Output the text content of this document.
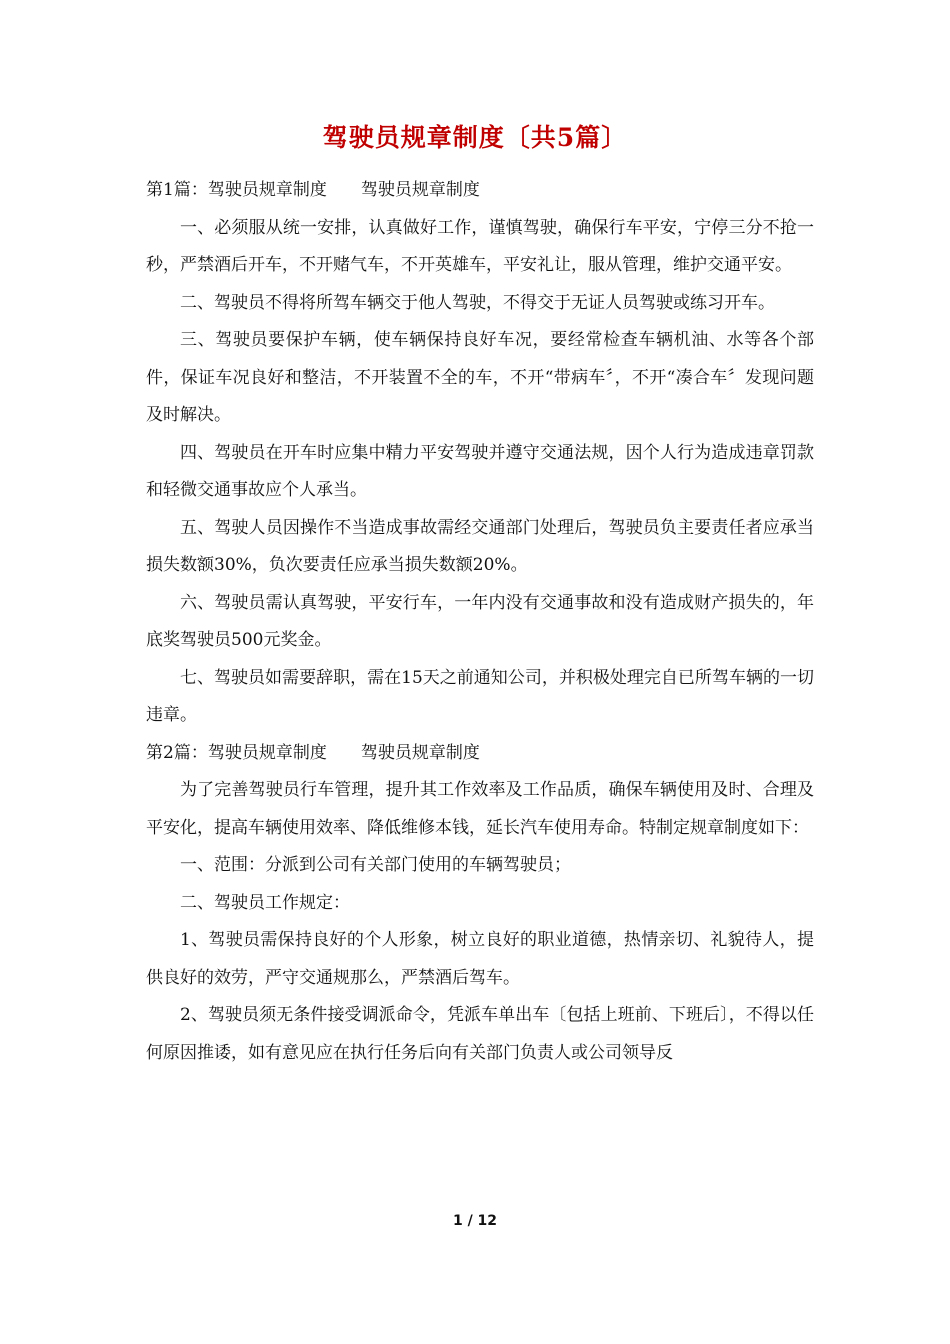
驾驶员规章制度〔共5篇〕

第1篇：驾驶员规章制度　　驾驶员规章制度

一、必须服从统一安排，认真做好工作，谨慎驾驶，确保行车平安，宁停三分不抢一秒，严禁酒后开车，不开赌气车，不开英雄车，平安礼让，服从管理，维护交通平安。

二、驾驶员不得将所驾车辆交于他人驾驶，不得交于无证人员驾驶或练习开车。

三、驾驶员要保护车辆，使车辆保持良好车况，要经常检查车辆机油、水等各个部件，保证车况良好和整洁，不开装置不全的车，不开“带病车〞，不开“凑合车〞发现问题及时解决。

四、驾驶员在开车时应集中精力平安驾驶并遵守交通法规，因个人行为造成违章罚款和轻微交通事故应个人承当。

五、驾驶人员因操作不当造成事故需经交通部门处理后，驾驶员负主要责任者应承当损失数额30%，负次要责任应承当损失数额20%。

六、驾驶员需认真驾驶，平安行车，一年内没有交通事故和没有造成财产损失的，年底奖驾驶员500元奖金。

七、驾驶员如需要辞职，需在15天之前通知公司，并积极处理完自已所驾车辆的一切违章。

第2篇：驾驶员规章制度　　驾驶员规章制度

为了完善驾驶员行车管理，提升其工作效率及工作品质，确保车辆使用及时、合理及平安化，提高车辆使用效率、降低维修本钱，延长汽车使用寿命。特制定规章制度如下：

一、范围：分派到公司有关部门使用的车辆驾驶员；

二、驾驶员工作规定：

1、驾驶员需保持良好的个人形象，树立良好的职业道德，热情亲切、礼貌待人，提供良好的效劳，严守交通规那么，严禁酒后驾车。

2、驾驶员须无条件接受调派命令，凭派车单出车〔包括上班前、下班后〕，不得以任何原因推诿，如有意见应在执行任务后向有关部门负责人或公司领导反

1 / 12
